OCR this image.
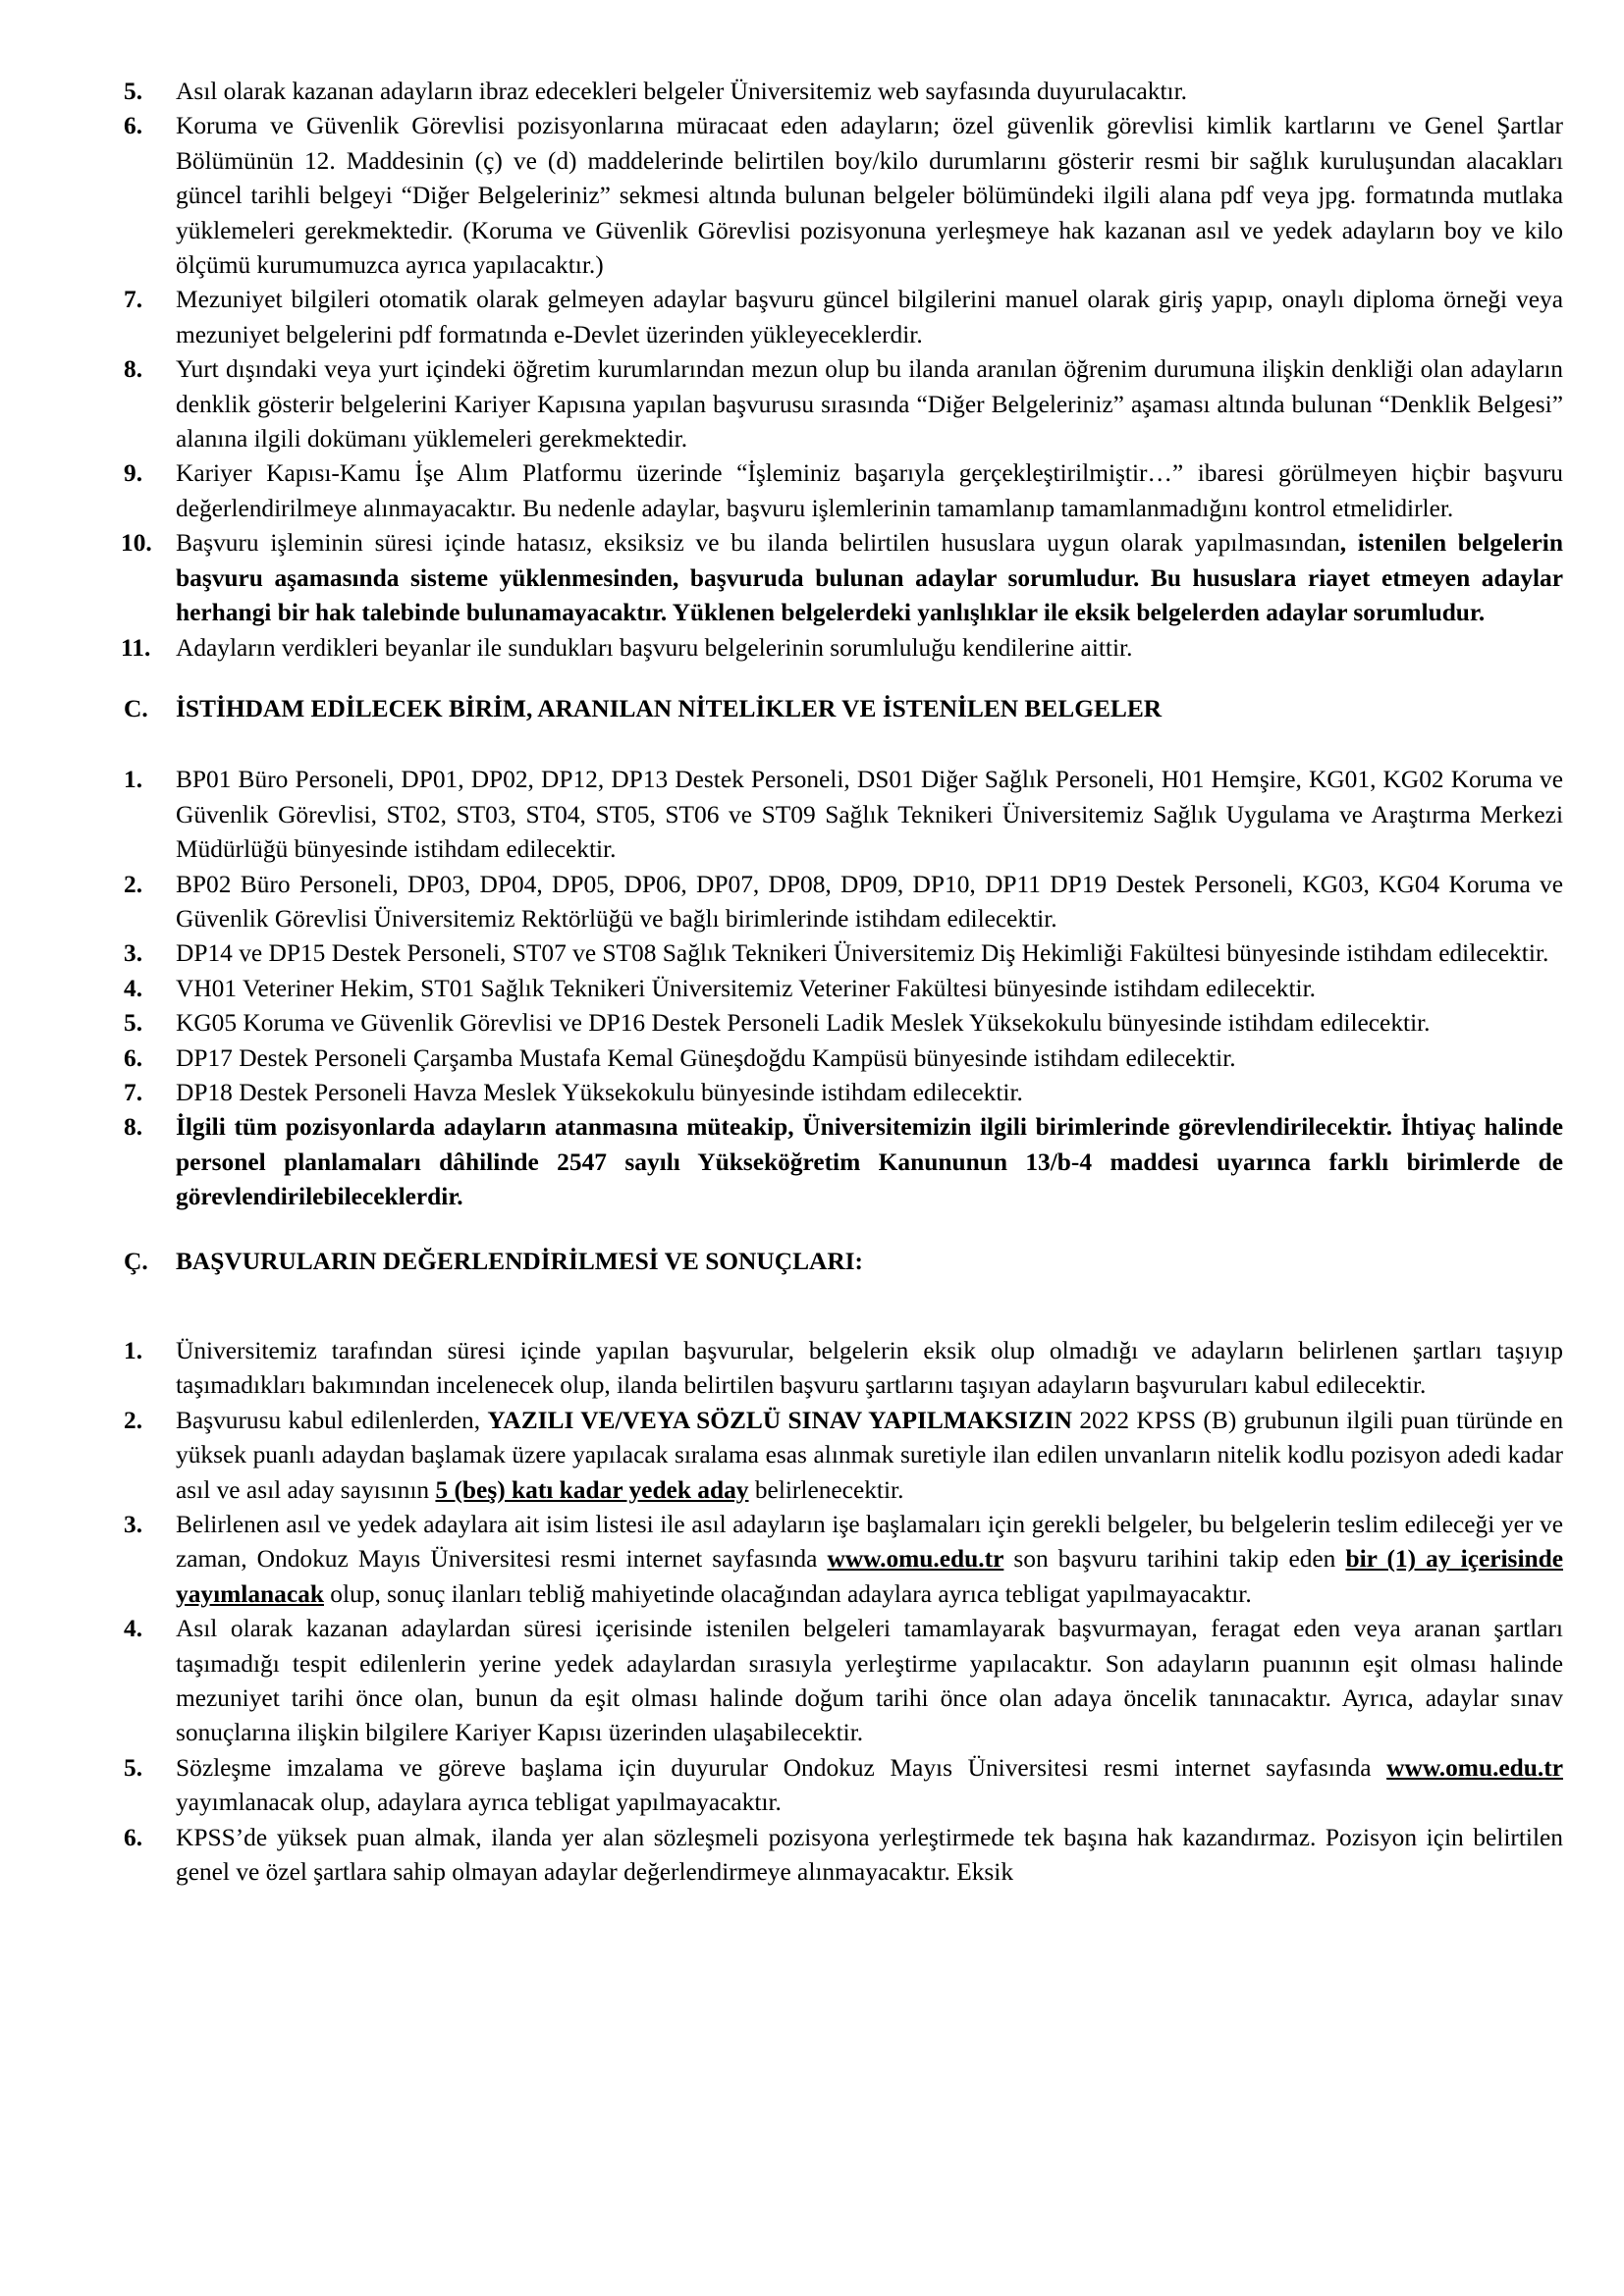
5. Asıl olarak kazanan adayların ibraz edecekleri belgeler Üniversitemiz web sayfasında duyurulacaktır.
6. Koruma ve Güvenlik Görevlisi pozisyonlarına müracaat eden adayların; özel güvenlik görevlisi kimlik kartlarını ve Genel Şartlar Bölümünün 12. Maddesinin (ç) ve (d) maddelerinde belirtilen boy/kilo durumlarını gösterir resmi bir sağlık kuruluşundan alacakları güncel tarihli belgeyi “Diğer Belgeleriniz” sekmesi altında bulunan belgeler bölümündeki ilgili alana pdf veya jpg. formatında mutlaka yüklemeleri gerekmektedir. (Koruma ve Güvenlik Görevlisi pozisyonuna yerleşmeye hak kazanan asıl ve yedek adayların boy ve kilo ölçümü kurumumuzca ayrıca yapılacaktır.)
7. Mezuniyet bilgileri otomatik olarak gelmeyen adaylar başvuru güncel bilgilerini manuel olarak giriş yapıp, onaylı diploma örneği veya mezuniyet belgelerini pdf formatında e-Devlet üzerinden yükleyeceklerdir.
8. Yurt dışındaki veya yurt içindeki öğretim kurumlarından mezun olup bu ilanda aranılan öğrenim durumuna ilişkin denkliği olan adayların denklik gösterir belgelerini Kariyer Kapısına yapılan başvurusu sırasında “Diğer Belgeleriniz” aşaması altında bulunan “Denklik Belgesi” alanına ilgili dokümanı yüklemeleri gerekmektedir.
9. Kariyer Kapısı-Kamu İşe Alım Platformu üzerinde “İşleminiz başarıyla gerçekleştirilmiştir…” ibaresi görülmeyen hiçbir başvuru değerlendirilmeye alınmayacaktır. Bu nedenle adaylar, başvuru işlemlerinin tamamlanıp tamamlanmadığını kontrol etmelidirler.
10. Başvuru işleminin süresi içinde hatasız, eksiksiz ve bu ilanda belirtilen hususlara uygun olarak yapılmasından, istenilen belgelerin başvuru aşamasında sisteme yüklenmesinden, başvuruda bulunan adaylar sorumludur. Bu hususlara riayet etmeyen adaylar herhangi bir hak talebinde bulunamayacaktır. Yüklenen belgelerdeki yanlışlıklar ile eksik belgelerden adaylar sorumludur.
11. Adayların verdikleri beyanlar ile sundukları başvuru belgelerinin sorumluluğu kendilerine aittir.
C. İSTİHDAM EDİLECEK BİRİM, ARANILAN NİTELİKLER VE İSTENİLEN BELGELER
1. BP01 Büro Personeli, DP01, DP02, DP12, DP13 Destek Personeli, DS01 Diğer Sağlık Personeli, H01 Hemşire, KG01, KG02 Koruma ve Güvenlik Görevlisi, ST02, ST03, ST04, ST05, ST06 ve ST09 Sağlık Teknikeri Üniversitemiz Sağlık Uygulama ve Araştırma Merkezi Müdürlüğü bünyesinde istihdam edilecektir.
2. BP02 Büro Personeli, DP03, DP04, DP05, DP06, DP07, DP08, DP09, DP10, DP11 DP19 Destek Personeli, KG03, KG04 Koruma ve Güvenlik Görevlisi Üniversitemiz Rektörlüğü ve bağlı birimlerinde istihdam edilecektir.
3. DP14 ve DP15 Destek Personeli, ST07 ve ST08 Sağlık Teknikeri Üniversitemiz Diş Hekimliği Fakültesi bünyesinde istihdam edilecektir.
4. VH01 Veteriner Hekim, ST01 Sağlık Teknikeri Üniversitemiz Veteriner Fakültesi bünyesinde istihdam edilecektir.
5. KG05 Koruma ve Güvenlik Görevlisi ve DP16 Destek Personeli Ladik Meslek Yüksekokulu bünyesinde istihdam edilecektir.
6. DP17 Destek Personeli Çarşamba Mustafa Kemal Güneşdoğdu Kampüsü bünyesinde istihdam edilecektir.
7. DP18 Destek Personeli Havza Meslek Yüksekokulu bünyesinde istihdam edilecektir.
8. İlgili tüm pozisyonlarda adayların atanmasına müteakip, Üniversitemizin ilgili birimlerinde görevlendirilecektir. İhtiyaç halinde personel planlamaları dâhilinde 2547 sayılı Yükseköğretim Kanununun 13/b-4 maddesi uyarınca farklı birimlerde de görevlendirilebileceklerdir.
Ç. BAŞVURULARIN DEĞERLENDİRİLMESİ VE SONUÇLARI:
1. Üniversitemiz tarafından süresi içinde yapılan başvurular, belgelerin eksik olup olmadığı ve adayların belirlenen şartları taşıyıp taşımadıkları bakımından incelenecek olup, ilanda belirtilen başvuru şartlarını taşıyan adayların başvuruları kabul edilecektir.
2. Başvurusu kabul edilenlerden, YAZILI VE/VEYA SÖZLÜ SINAV YAPILMAKSIZIN 2022 KPSS (B) grubunun ilgili puan türünde en yüksek puanlı adaydan başlamak üzere yapılacak sıralama esas alınmak suretiyle ilan edilen unvanların nitelik kodlu pozisyon adedi kadar asıl ve asıl aday sayısının 5 (beş) katı kadar yedek aday belirlenecektir.
3. Belirlenen asıl ve yedek adaylara ait isim listesi ile asıl adayların işe başlamaları için gerekli belgeler, bu belgelerin teslim edileceği yer ve zaman, Ondokuz Mayıs Üniversitesi resmi internet sayfasında www.omu.edu.tr son başvuru tarihini takip eden bir (1) ay içerisinde yayımlanacak olup, sonuç ilanları tebliğ mahiyetinde olacağından adaylara ayrıca tebligat yapılmayacaktır.
4. Asıl olarak kazanan adaylardan süresi içerisinde istenilen belgeleri tamamlayarak başvurmayan, feragat eden veya aranan şartları taşımadığı tespit edilenlerin yerine yedek adaylardan sırasıyla yerleştirme yapılacaktır. Son adayların puanının eşit olması halinde mezuniyet tarihi önce olan, bunun da eşit olması halinde doğum tarihi önce olan adaya öncelik tanınacaktır. Ayrıca, adaylar sınav sonuçlarına ilişkin bilgilere Kariyer Kapısı üzerinden ulaşabilecektir.
5. Sözleşme imzalama ve göreve başlama için duyurular Ondokuz Mayıs Üniversitesi resmi internet sayfasında www.omu.edu.tr yayımlanacak olup, adaylara ayrıca tebligat yapılmayacaktır.
6. KPSS’de yüksek puan almak, ilanda yer alan sözleşmeli pozisyona yerleştirmede tek başına hak kazandırmaz. Pozisyon için belirtilen genel ve özel şartlara sahip olmayan adaylar değerlendirmeye alınmayacaktır. Eksik
